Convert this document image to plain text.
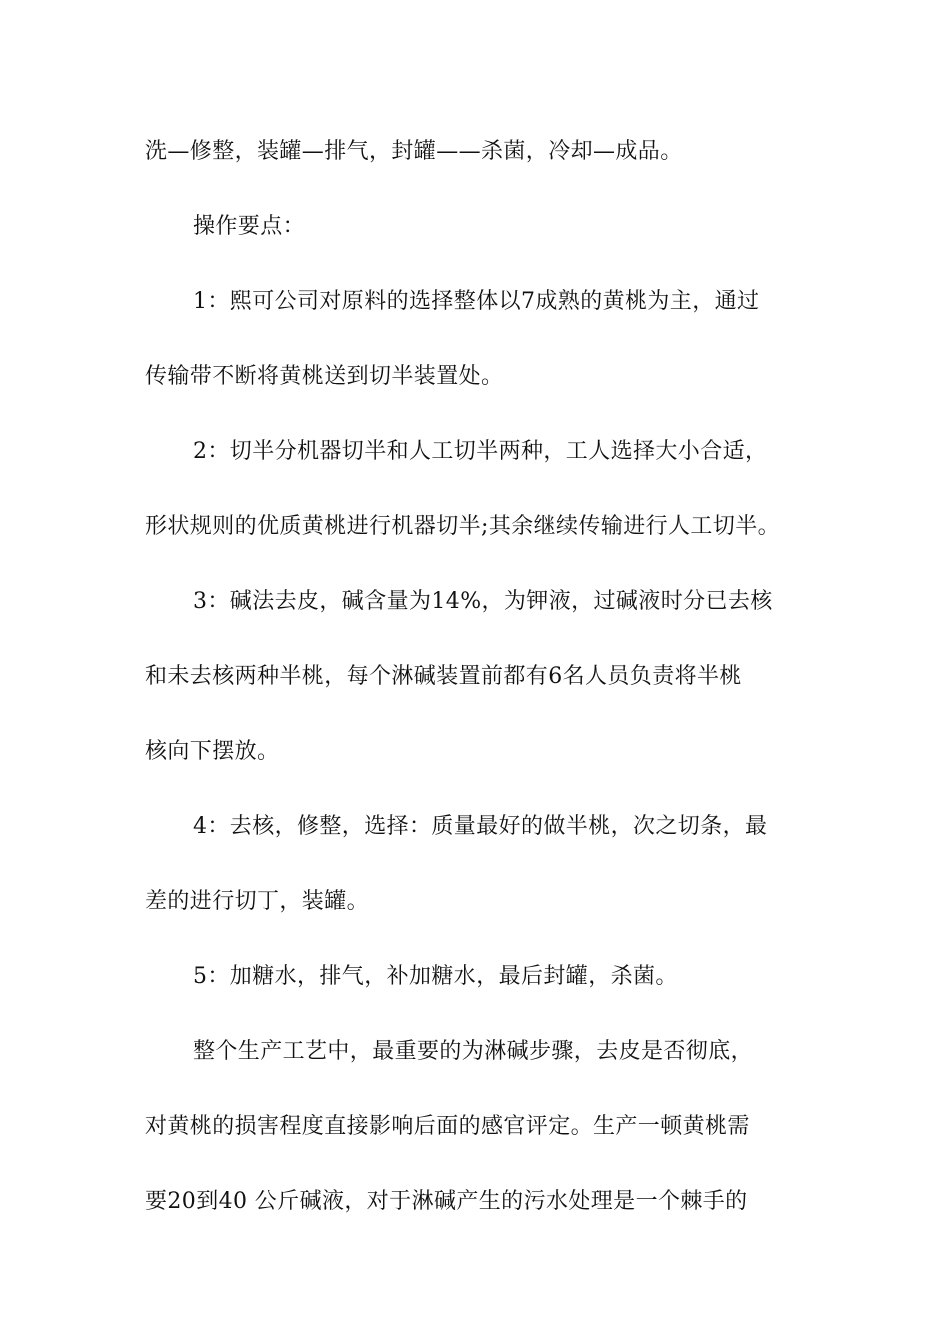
洗—修整，装罐—排气，封罐——杀菌，冷却—成品。
操作要点：
1：熙可公司对原料的选择整体以7成熟的黄桃为主，通过
传输带不断将黄桃送到切半装置处。
2：切半分机器切半和人工切半两种，工人选择大小合适，
形状规则的优质黄桃进行机器切半;其余继续传输进行人工切半。
3：碱法去皮，碱含量为14%，为钾液，过碱液时分已去核
和未去核两种半桃，每个淋碱装置前都有6名人员负责将半桃
核向下摆放。
4：去核，修整，选择：质量最好的做半桃，次之切条，最
差的进行切丁，装罐。
5：加糖水，排气，补加糖水，最后封罐，杀菌。
整个生产工艺中，最重要的为淋碱步骤，去皮是否彻底，
对黄桃的损害程度直接影响后面的感官评定。生产一顿黄桃需
要20到40 公斤碱液，对于淋碱产生的污水处理是一个棘手的
